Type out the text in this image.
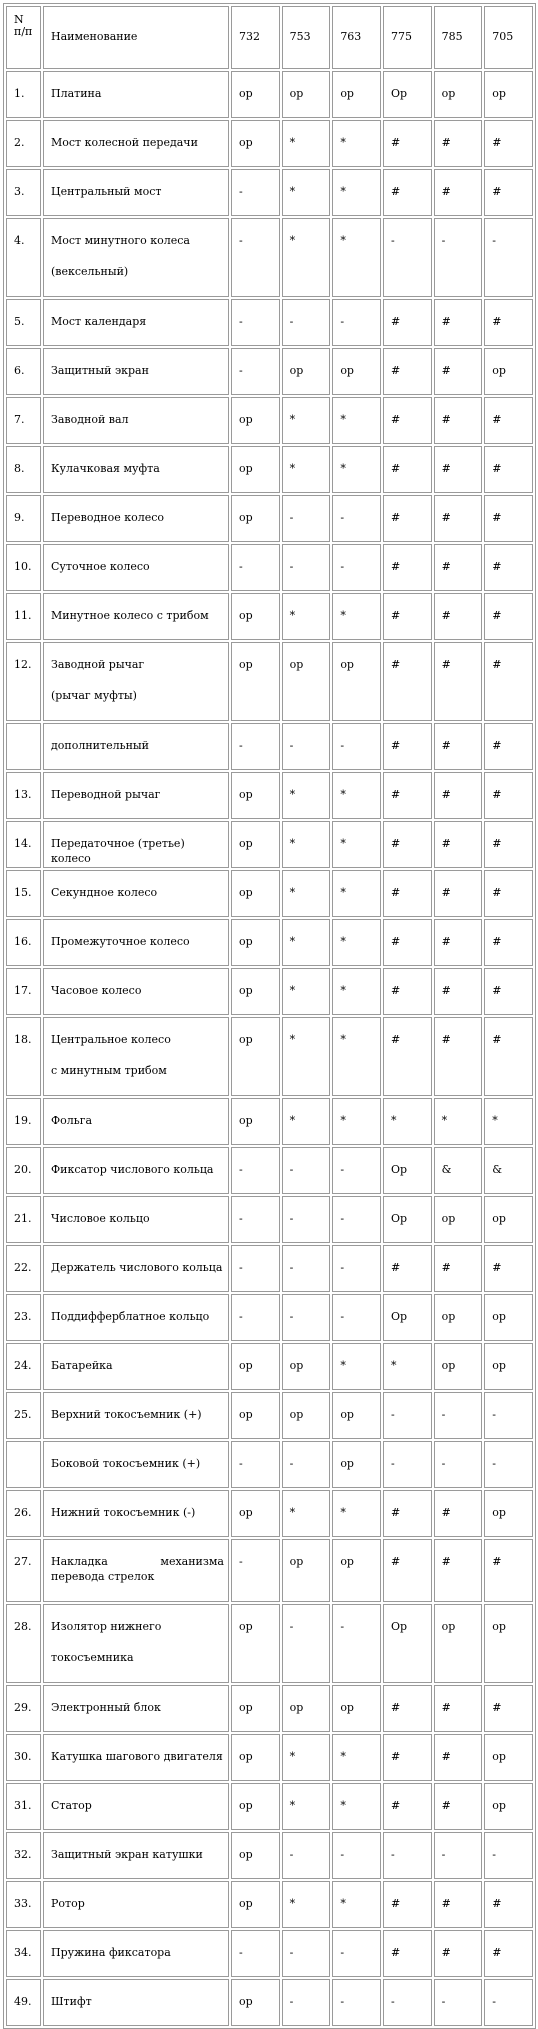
N
п/п	Наименование	732	753	763	775	785	705
1.	Платина	ор	ор	ор	Ор	ор	ор
2.	Мост колесной передачи	ор	*	*	#	#	#
3.	Центральный мост	-	*	*	#	#	#
4.	Мост минутного колеса
(вексельный)	-	*	*	-	-	-
5.	Мост календаря	-	-	-	#	#	#
6.	Защитный экран	-	ор	ор	#	#	ор
7.	Заводной вал	ор	*	*	#	#	#
8.	Кулачковая муфта	ор	*	*	#	#	#
9.	Переводное колесо	ор	-	-	#	#	#
10.	Суточное колесо	-	-	-	#	#	#
11.	Минутное колесо с трибом	ор	*	*	#	#	#
12.	Заводной рычаг
(рычаг муфты)	ор	ор	ор	#	#	#

	дополнительный	-	-	-	#	#	#
13.	Переводной рычаг	ор	*	*	#	#	#
14.	Передаточное (третье) колесо	ор	*	*	#	#	#
15.	Секундное колесо	ор	*	*	#	#	#
16.	Промежуточное колесо	ор	*	*	#	#	#
17.	Часовое колесо	ор	*	*	#	#	#
18.	Центральное колесо
с минутным трибом	ор	*	*	#	#	#
19.	Фольга	ор	*	*	*	*	*
20.	Фиксатор числового кольца	-	-	-	Ор	&	&
21.	Числовое кольцо	-	-	-	Ор	ор	ор
22.	Держатель числового кольца	-	-	-	#	#	#
23.	Поддифферблатное кольцо	-	-	-	Ор	ор	ор
24.	Батарейка	ор	ор	*	*	ор	ор
25.	Верхний токосъемник (+)	ор	ор	ор	-	-	-

	Боковой токосъемник (+)	-	-	ор	-	-	-
26.	Нижний токосъемник (-)	ор	*	*	#	#	ор
27.	Накладка механизма перевода стрелок	-	ор	ор	#	#	#
28.	Изолятор нижнего
токосъемника	ор	-	-	Ор	ор	ор
29.	Электронный блок	ор	ор	ор	#	#	#
30.	Катушка шагового двигателя	ор	*	*	#	#	ор
31.	Статор	ор	*	*	#	#	ор
32.	Защитный экран катушки	ор	-	-	-	-	-
33.	Ротор	ор	*	*	#	#	#
34.	Пружина фиксатора	-	-	-	#	#	#
49.	Штифт	ор	-	-	-	-	-
